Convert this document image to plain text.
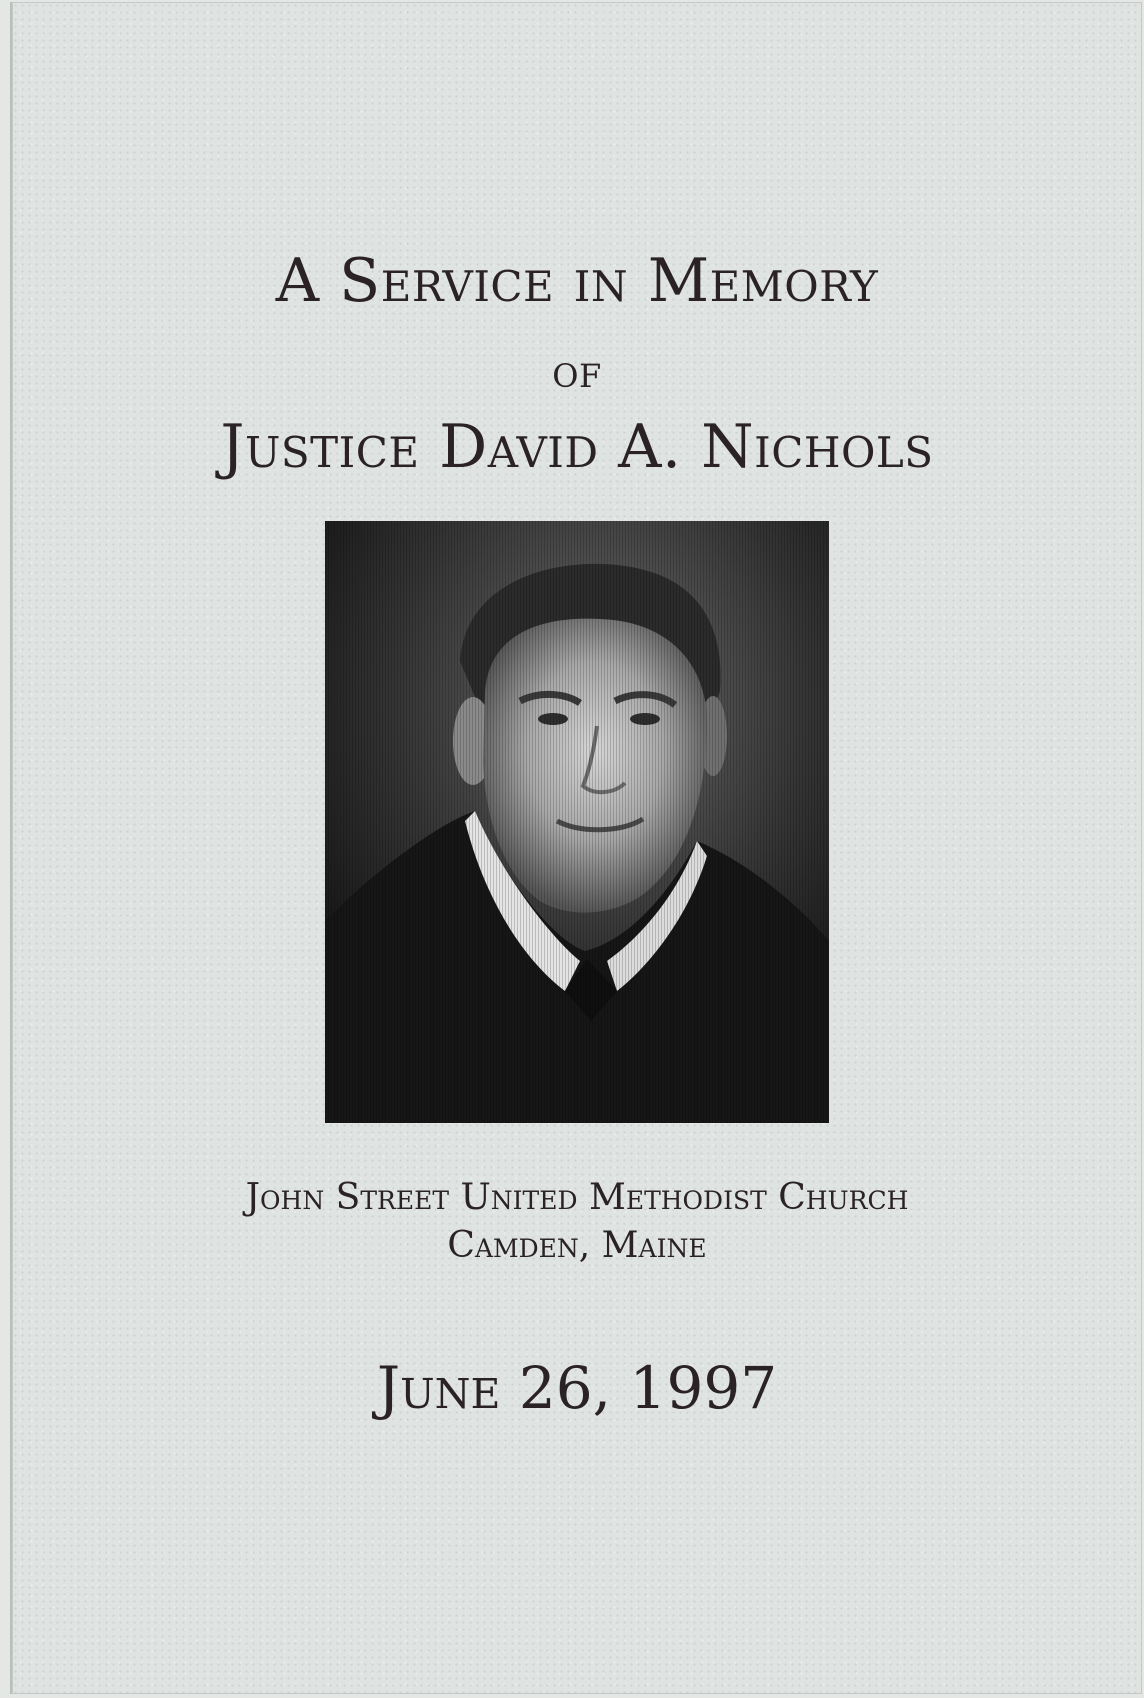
A Service in Memory
of
Justice David A. Nichols

John Street United Methodist Church

Camden, Maine

June 26, 1997
